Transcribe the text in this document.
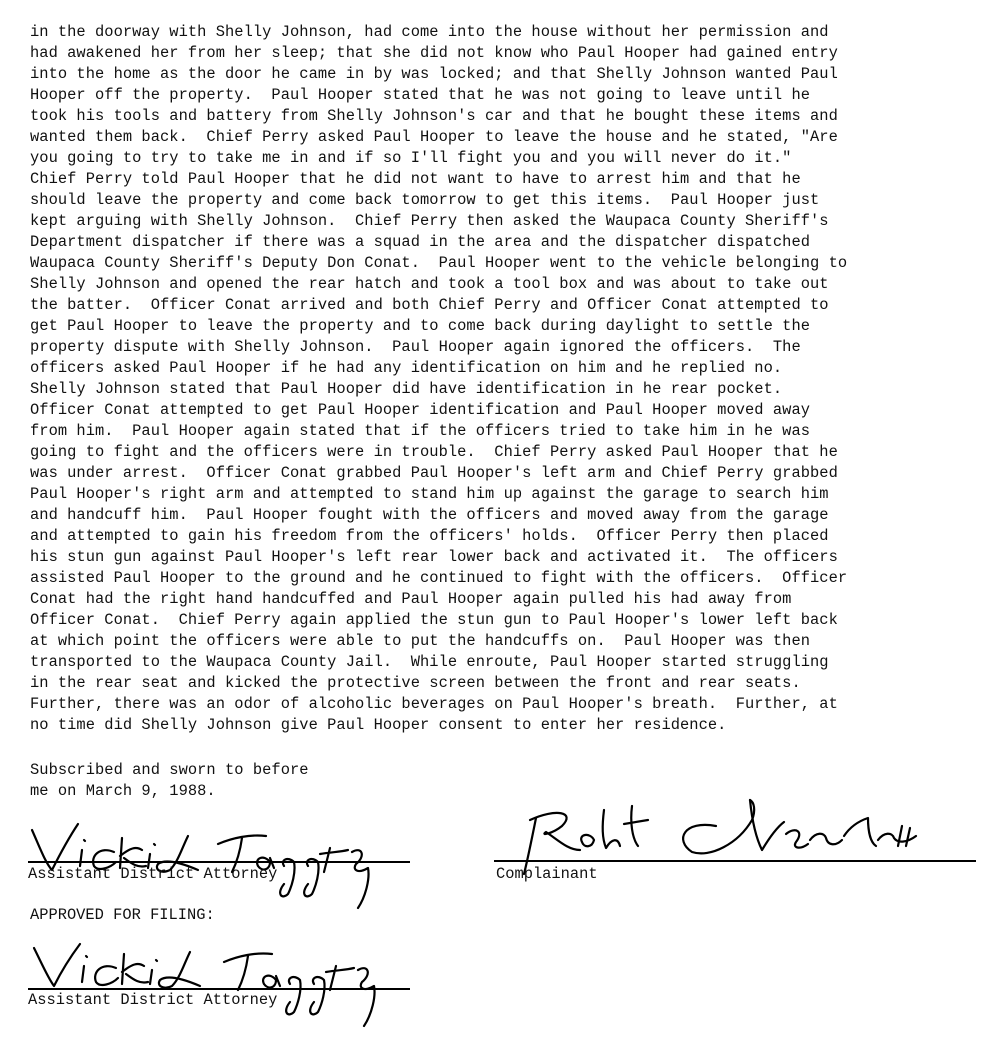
in the doorway with Shelly Johnson, had come into the house without her permission and
had awakened her from her sleep; that she did not know who Paul Hooper had gained entry
into the home as the door he came in by was locked; and that Shelly Johnson wanted Paul
Hooper off the property.  Paul Hooper stated that he was not going to leave until he
took his tools and battery from Shelly Johnson's car and that he bought these items and
wanted them back.  Chief Perry asked Paul Hooper to leave the house and he stated, "Are
you going to try to take me in and if so I'll fight you and you will never do it."
Chief Perry told Paul Hooper that he did not want to have to arrest him and that he
should leave the property and come back tomorrow to get this items.  Paul Hooper just
kept arguing with Shelly Johnson.  Chief Perry then asked the Waupaca County Sheriff's
Department dispatcher if there was a squad in the area and the dispatcher dispatched
Waupaca County Sheriff's Deputy Don Conat.  Paul Hooper went to the vehicle belonging to
Shelly Johnson and opened the rear hatch and took a tool box and was about to take out
the batter.  Officer Conat arrived and both Chief Perry and Officer Conat attempted to
get Paul Hooper to leave the property and to come back during daylight to settle the
property dispute with Shelly Johnson.  Paul Hooper again ignored the officers.  The
officers asked Paul Hooper if he had any identification on him and he replied no.
Shelly Johnson stated that Paul Hooper did have identification in he rear pocket.
Officer Conat attempted to get Paul Hooper identification and Paul Hooper moved away
from him.  Paul Hooper again stated that if the officers tried to take him in he was
going to fight and the officers were in trouble.  Chief Perry asked Paul Hooper that he
was under arrest.  Officer Conat grabbed Paul Hooper's left arm and Chief Perry grabbed
Paul Hooper's right arm and attempted to stand him up against the garage to search him
and handcuff him.  Paul Hooper fought with the officers and moved away from the garage
and attempted to gain his freedom from the officers' holds.  Officer Perry then placed
his stun gun against Paul Hooper's left rear lower back and activated it.  The officers
assisted Paul Hooper to the ground and he continued to fight with the officers.  Officer
Conat had the right hand handcuffed and Paul Hooper again pulled his had away from
Officer Conat.  Chief Perry again applied the stun gun to Paul Hooper's lower left back
at which point the officers were able to put the handcuffs on.  Paul Hooper was then
transported to the Waupaca County Jail.  While enroute, Paul Hooper started struggling
in the rear seat and kicked the protective screen between the front and rear seats.
Further, there was an odor of alcoholic beverages on Paul Hooper's breath.  Further, at
no time did Shelly Johnson give Paul Hooper consent to enter her residence.
Subscribed and sworn to before
me on March 9, 1988.
Assistant District Attorney	Complainant
APPROVED FOR FILING:
Assistant District Attorney
